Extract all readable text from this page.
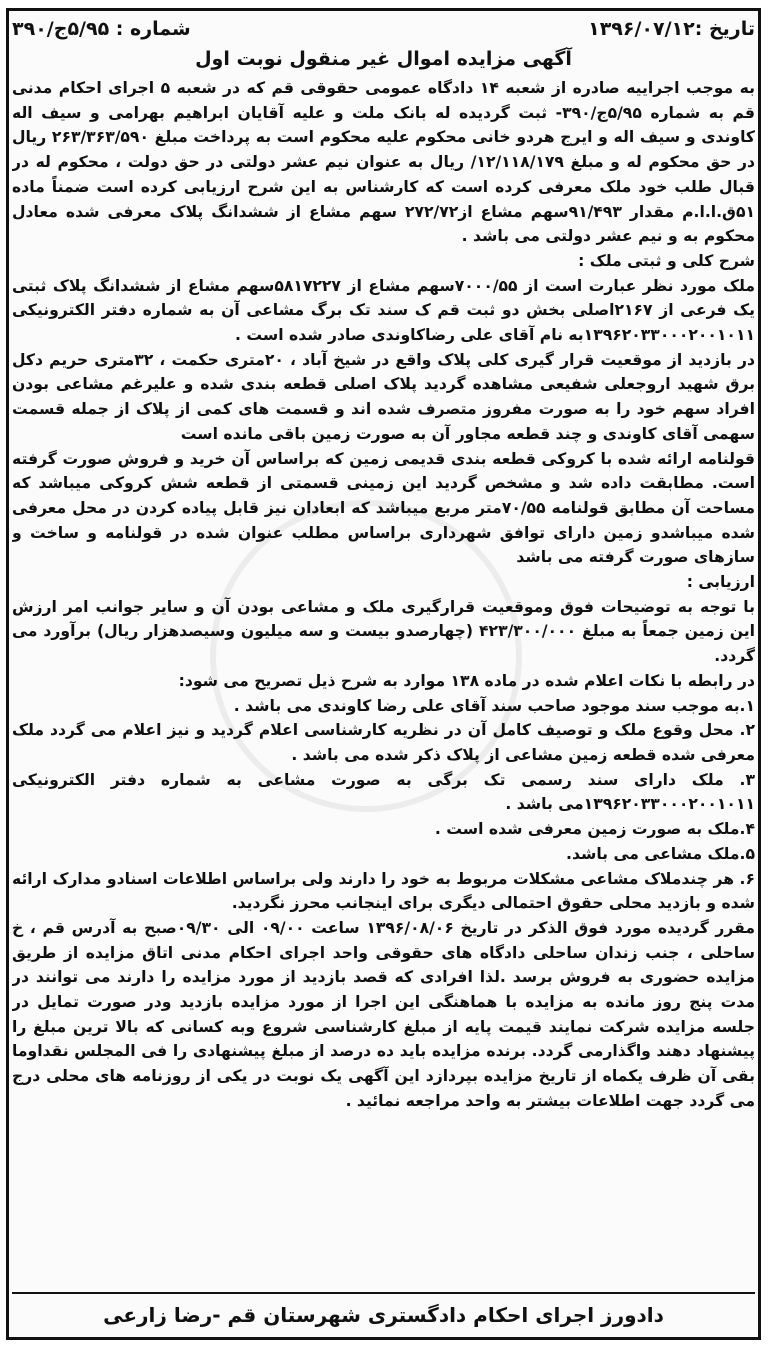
تاریخ :۱۳۹۶/۰۷/۱۲
شماره : ۵/۹۵ج/۳۹۰
آگهی مزایده اموال غیر منقول نوبت اول

به موجب اجراییه صادره از شعبه ۱۴ دادگاه عمومی حقوقی قم که در شعبه ۵ اجرای احکام مدنی قم به شماره ۵/۹۵ج/۳۹۰- ثبت گردیده له بانک ملت و علیه آقایان ابراهیم بهرامی و سیف اله کاوندی و سیف اله و ایرج هردو خانی محکوم علیه محکوم است به پرداخت مبلغ ۲۶۳/۳۶۳/۵۹۰ ریال در حق محکوم له و مبلغ ۱۲/۱۱۸/۱۷۹/ ریال به عنوان نیم عشر دولتی در حق دولت ، محکوم له در قبال طلب خود ملک معرفی کرده است که کارشناس به این شرح ارزیابی کرده است ضمناً ماده ۵۱ق.ا.ا.م مقدار ۹۱/۴۹۳سهم مشاع از۲۷۲/۷۲ سهم مشاع از ششدانگ پلاک معرفی شده معادل محکوم به و نیم عشر دولتی می باشد .

شرح کلی و ثبتی ملک :

ملک مورد نظر عبارت است از ۷۰۰۰/۵۵سهم مشاع از ۵۸۱۷۲۲۷سهم مشاع از ششدانگ پلاک ثبتی یک فرعی از ۲۱۶۷اصلی بخش دو ثبت قم ک سند تک برگ مشاعی آن به شماره دفتر الکترونیکی ۱۳۹۶۲۰۳۳۰۰۰۲۰۰۱۰۱۱به نام آقای علی رضاکاوندی صادر شده است .

در بازدید از موقعیت قرار گیری کلی پلاک واقع در شیخ آباد ، ۲۰متری حکمت ، ۳۲متری حریم دکل برق شهید اروجعلی شفیعی مشاهده گردید پلاک اصلی قطعه بندی شده و علیرغم مشاعی بودن افراد سهم خود را به صورت مفروز متصرف شده اند و قسمت های کمی از پلاک از جمله قسمت سهمی آقای کاوندی و چند قطعه مجاور آن به صورت زمین باقی مانده است

قولنامه ارائه شده با کروکی قطعه بندی قدیمی زمین که براساس آن خرید و فروش صورت گرفته است. مطابقت داده شد و مشخص گردید این زمینی قسمتی از قطعه شش کروکی میباشد که مساحت آن مطابق قولنامه ۷۰/۵۵متر مربع میباشد که ابعادان نیز قابل پیاده کردن در محل معرفی شده میباشدو زمین دارای توافق شهرداری براساس مطلب عنوان شده در قولنامه و ساخت و سازهای صورت گرفته می باشد

ارزیابی :

با توجه به توضیحات فوق وموقعیت قرارگیری ملک و مشاعی بودن آن و سایر جوانب امر ارزش این زمین جمعاً به مبلغ ۴۲۳/۳۰۰/۰۰۰ (چهارصدو بیست و سه میلیون وسیصدهزار ریال) برآورد می گردد.

در رابطه با نکات اعلام شده در ماده ۱۳۸ موارد به شرح ذیل تصریح می شود:

۱.به موجب سند موجود صاحب سند آقای علی رضا کاوندی می باشد .

۲. محل وقوع ملک و توصیف کامل آن در نظریه کارشناسی اعلام گردید و نیز اعلام می گردد ملک معرفی شده قطعه زمین مشاعی از پلاک ذکر شده می باشد .

۳. ملک دارای سند رسمی تک برگی به صورت مشاعی به شماره دفتر الکترونیکی ۱۳۹۶۲۰۳۳۰۰۰۲۰۰۱۰۱۱می باشد .

۴.ملک به صورت زمین معرفی شده است .

۵.ملک مشاعی می باشد.

۶. هر چندملاک مشاعی مشکلات مربوط به خود را دارند ولی براساس اطلاعات اسنادو مدارک ارائه شده و بازدید محلی حقوق احتمالی دیگری برای اینجانب محرز نگردید.

مقرر گردیده مورد فوق الذکر در تاریخ ۱۳۹۶/۰۸/۰۶ ساعت ۰۹/۰۰ الی ۰۹/۳۰صبح به آدرس قم ، خ ساحلی ، جنب زندان ساحلی دادگاه های حقوقی واحد اجرای احکام مدنی اتاق مزایده از طریق مزایده حضوری به فروش برسد .لذا افرادی که قصد بازدید از مورد مزایده را دارند می توانند در مدت پنج روز مانده به مزایده با هماهنگی این اجرا از مورد مزایده بازدید ودر صورت تمایل در جلسه مزایده شرکت نمایند قیمت پایه از مبلغ کارشناسی شروع وبه کسانی که بالا ترین مبلغ را پیشنهاد دهند واگذارمی گردد. برنده مزایده باید ده درصد از مبلغ پیشنهادی را فی المجلس نقداوما بقی آن ظرف یکماه از تاریخ مزایده بپردازد این آگهی یک نوبت در یکی از روزنامه های محلی درج می گردد جهت اطلاعات بیشتر به واحد مراجعه نمائید .

دادورز اجرای احکام دادگستری شهرستان قم -رضا زارعی
